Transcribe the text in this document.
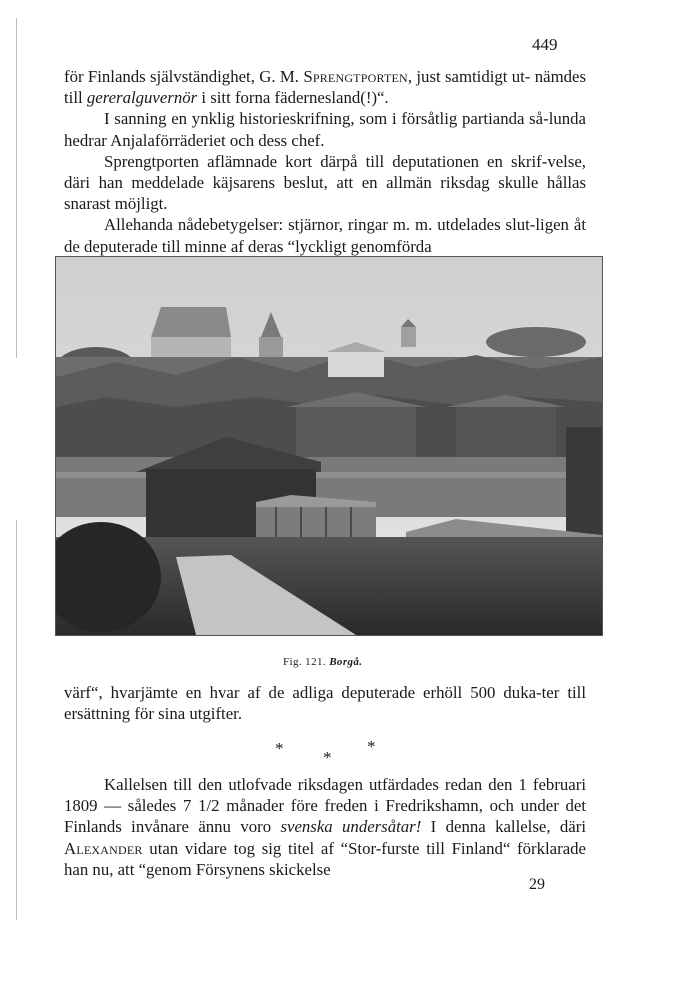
449

för Finlands självständighet, G. M. Sprengtporten, just samtidigt ut- nämdes till gereralguvernör i sitt forna fädernesland(!)“.

I sanning en ynklig historieskrifning, som i försåtlig partianda så-lunda hedrar Anjalaförräderiet och dess chef.

Sprengtporten aflämnade kort därpå till deputationen en skrif-velse, däri han meddelade käjsarens beslut, att en allmän riksdag skulle hållas snarast möjligt.

Allehanda nådebetygelser: stjärnor, ringar m. m. utdelades slut-ligen åt de deputerade till minne af deras “lyckligt genomförda

Fig. 121. Borgå.

värf“, hvarjämte en hvar af de adliga deputerade erhöll 500 duka-ter till ersättning för sina utgifter.

* *
*

Kallelsen till den utlofvade riksdagen utfärdades redan den 1 februari 1809 — således 7 1/2 månader före freden i Fredrikshamn, och under det Finlands invånare ännu voro svenska undersåtar! I denna kallelse, däri Alexander utan vidare tog sig titel af “Stor-furste till Finland“ förklarade han nu, att “genom Försynens skickelse

29
